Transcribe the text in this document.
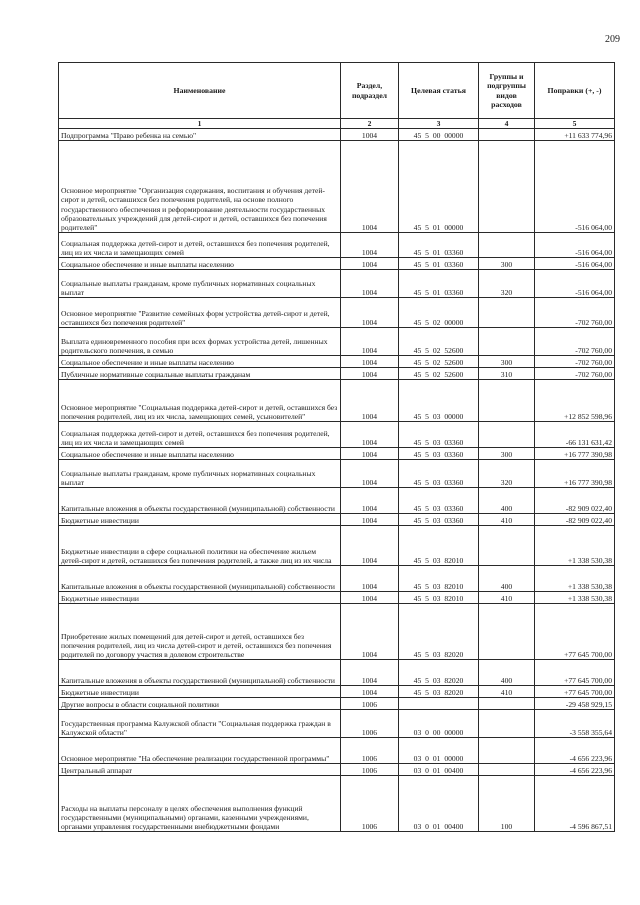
209
Наименование	Раздел, подраздел	Целевая статья	Группы и подгруппы видов расходов	Поправки (+, -)
1	2	3	4	5
Подпрограмма "Право ребенка на семью"	1004	45 5 00 00000		+11 633 774,96
Основное мероприятие "Организация содержания, воспитания и обучения детей-сирот и детей, оставшихся без попечения родителей, на основе полного государственного обеспечения и реформирование деятельности государственных образовательных учреждений для детей-сирот и детей, оставшихся без попечения родителей"	1004	45 5 01 00000		-516 064,00
Социальная поддержка детей-сирот и детей, оставшихся без попечения родителей, лиц из их числа и замещающих семей	1004	45 5 01 03360		-516 064,00
Социальное обеспечение и иные выплаты населению	1004	45 5 01 03360	300	-516 064,00
Социальные выплаты гражданам, кроме публичных нормативных социальных выплат	1004	45 5 01 03360	320	-516 064,00
Основное мероприятие "Развитие семейных форм устройства детей-сирот и детей, оставшихся без попечения родителей"	1004	45 5 02 00000		-702 760,00
Выплата единовременного пособия при всех формах устройства детей, лишенных родительского попечения, в семью	1004	45 5 02 52600		-702 760,00
Социальное обеспечение и иные выплаты населению	1004	45 5 02 52600	300	-702 760,00
Публичные нормативные социальные выплаты гражданам	1004	45 5 02 52600	310	-702 760,00
Основное мероприятие "Социальная поддержка детей-сирот и детей, оставшихся без попечения родителей, лиц из их числа, замещающих семей, усыновителей"	1004	45 5 03 00000		+12 852 598,96
Социальная поддержка детей-сирот и детей, оставшихся без попечения родителей, лиц из их числа и замещающих семей	1004	45 5 03 03360		-66 131 631,42
Социальное обеспечение и иные выплаты населению	1004	45 5 03 03360	300	+16 777 390,98
Социальные выплаты гражданам, кроме публичных нормативных социальных выплат	1004	45 5 03 03360	320	+16 777 390,98
Капитальные вложения в объекты государственной (муниципальной) собственности	1004	45 5 03 03360	400	-82 909 022,40
Бюджетные инвестиции	1004	45 5 03 03360	410	-82 909 022,40
Бюджетные инвестиции в сфере социальной политики на обеспечение жильем детей-сирот и детей, оставшихся без попечения родителей, а также лиц из их числа	1004	45 5 03 82010		+1 338 530,38
Капитальные вложения в объекты государственной (муниципальной) собственности	1004	45 5 03 82010	400	+1 338 530,38
Бюджетные инвестиции	1004	45 5 03 82010	410	+1 338 530,38
Приобретение жилых помещений для детей-сирот и детей, оставшихся без попечения родителей, лиц из числа детей-сирот и детей, оставшихся без попечения родителей по договору участия в долевом строительстве	1004	45 5 03 82020		+77 645 700,00
Капитальные вложения в объекты государственной (муниципальной) собственности	1004	45 5 03 82020	400	+77 645 700,00
Бюджетные инвестиции	1004	45 5 03 82020	410	+77 645 700,00
Другие вопросы в области социальной политики	1006			-29 458 929,15
Государственная программа Калужской области "Социальная поддержка граждан в Калужской области"	1006	03 0 00 00000		-3 558 355,64
Основное мероприятие "На обеспечение реализации государственной программы"	1006	03 0 01 00000		-4 656 223,96
Центральный аппарат	1006	03 0 01 00400		-4 656 223,96
Расходы на выплаты персоналу в целях обеспечения выполнения функций государственными (муниципальными) органами, казенными учреждениями, органами управления государственными внебюджетными фондами	1006	03 0 01 00400	100	-4 596 867,51
